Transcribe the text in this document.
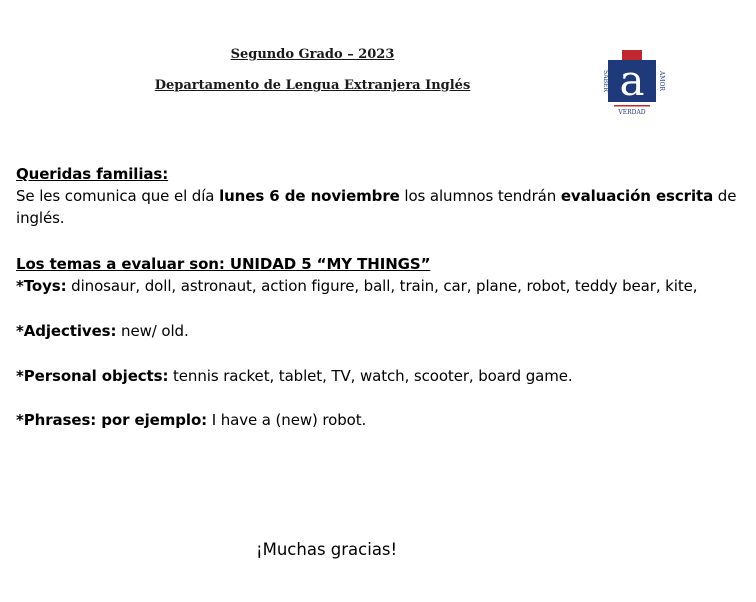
Segundo Grado – 2023
Departamento de Lengua Extranjera Inglés	a
SABER	AMOR
VERDAD
Queridas familias:
Se les comunica que el día lunes 6 de noviembre los alumnos tendrán evaluación escrita de
inglés.
Los temas a evaluar son: UNIDAD 5 “MY THINGS”
*Toys: dinosaur, doll, astronaut, action figure, ball, train, car, plane, robot, teddy bear, kite,
*Adjectives: new/ old.
*Personal objects: tennis racket, tablet, TV, watch, scooter, board game.
*Phrases: por ejemplo: I have a (new) robot.
¡Muchas gracias!
